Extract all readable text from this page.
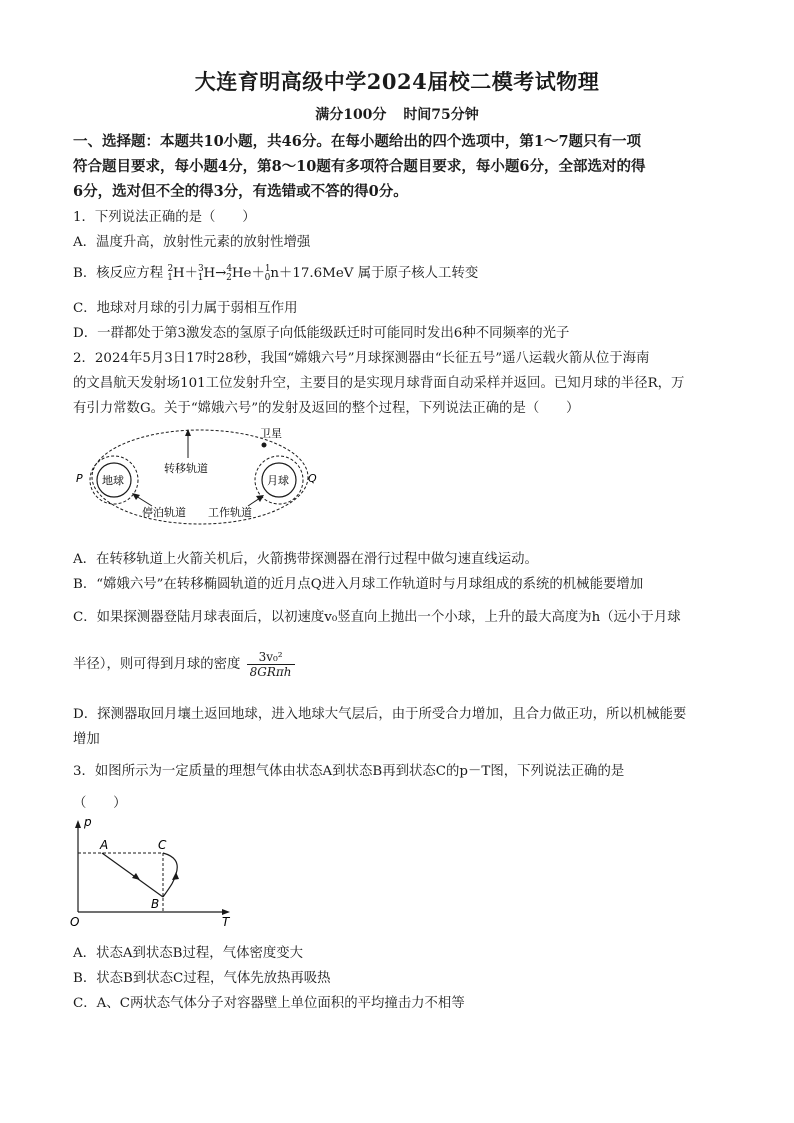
大连育明高级中学2024届校二模考试物理
满分100分 时间75分钟
一、选择题：本题共10小题，共46分。在每小题给出的四个选项中，第1～7题只有一项
符合题目要求，每小题4分，第8～10题有多项符合题目要求，每小题6分，全部选对的得
6分，选对但不全的得3分，有选错或不答的得0分。
1．下列说法正确的是（　　）
A．温度升高，放射性元素的放射性增强
B．核反应方程 $^2_1$H＋$^3_1$H→$^4_2$He＋$^1_0$n＋17.6MeV 属于原子核人工转变
C．地球对月球的引力属于弱相互作用
D．一群都处于第3激发态的氢原子向低能级跃迁时可能同时发出6种不同频率的光子
2．2024年5月3日17时28秒，我国“嫦娥六号”月球探测器由“长征五号”遥八运载火箭从位于海南
的文昌航天发射场101工位发射升空，主要目的是实现月球背面自动采样并返回。已知月球的半径R，万
有引力常数G。关于“嫦娥六号”的发射及返回的整个过程，下列说法正确的是（　　）
卫星
转移轨道
地球	月球
P	Q
停泊轨道 工作轨道
A．在转移轨道上火箭关机后，火箭携带探测器在滑行过程中做匀速直线运动。
B．“嫦娥六号”在转移椭圆轨道的近月点Q进入月球工作轨道时与月球组成的系统的机械能要增加
C．如果探测器登陆月球表面后，以初速度v₀竖直向上抛出一个小球，上升的最大高度为h（远小于月球
半径），则可得到月球的密度 $\frac{\text{3v₀²}}{\text{8GRπh}}$
D．探测器取回月壤土返回地球，进入地球大气层后，由于所受合力增加，且合力做正功，所以机械能要
增加
3．如图所示为一定质量的理想气体由状态A到状态B再到状态C的p－T图，下列说法正确的是
（　　）
p
T
O
A	C
B
A．状态A到状态B过程，气体密度变大
B．状态B到状态C过程，气体先放热再吸热
C．A、C两状态气体分子对容器壁上单位面积的平均撞击力不相等
